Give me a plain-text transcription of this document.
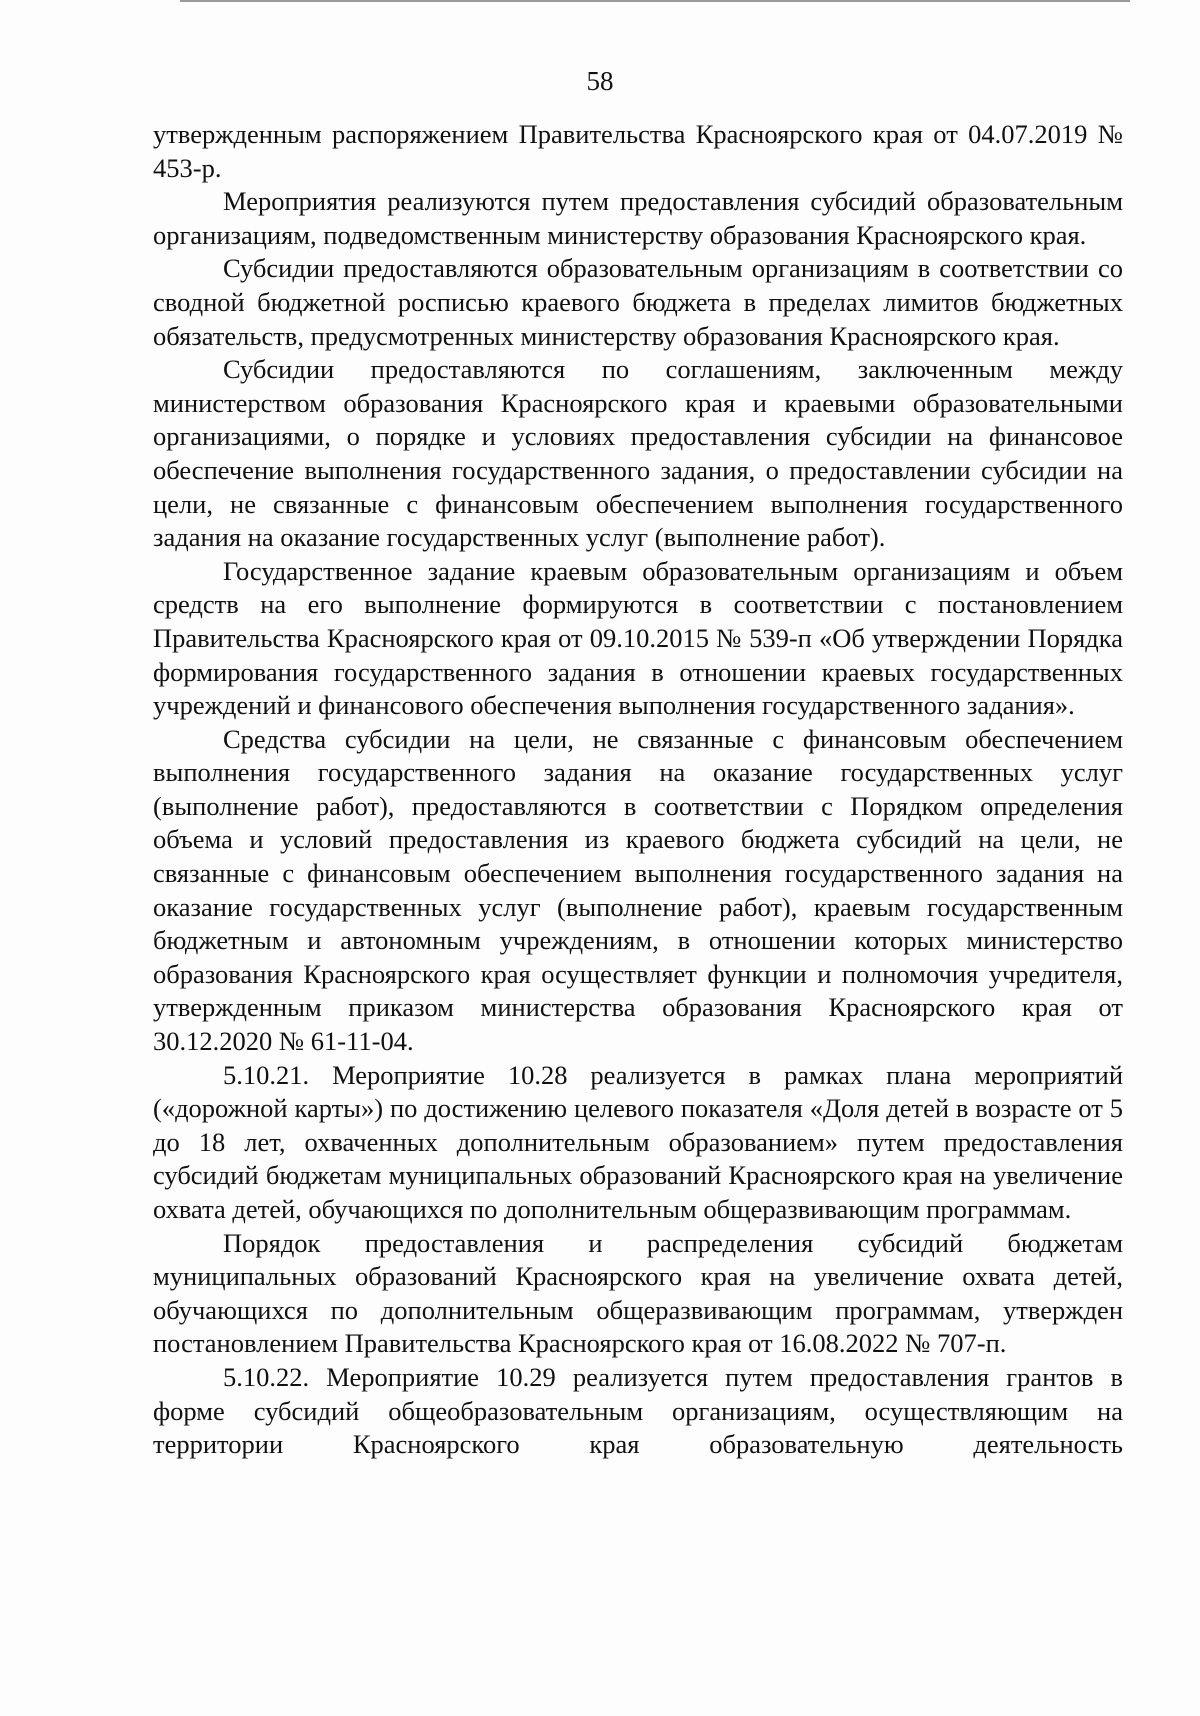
58

утвержденным распоряжением Правительства Красноярского края от 04.07.2019 № 453-р.

Мероприятия реализуются путем предоставления субсидий образовательным организациям, подведомственным министерству образования Красноярского края.

Субсидии предоставляются образовательным организациям в соответствии со сводной бюджетной росписью краевого бюджета в пределах лимитов бюджетных обязательств, предусмотренных министерству образования Красноярского края.

Субсидии предоставляются по соглашениям, заключенным между министерством образования Красноярского края и краевыми образовательными организациями, о порядке и условиях предоставления субсидии на финансовое обеспечение выполнения государственного задания, о предоставлении субсидии на цели, не связанные с финансовым обеспечением выполнения государственного задания на оказание государственных услуг (выполнение работ).

Государственное задание краевым образовательным организациям и объем средств на его выполнение формируются в соответствии с постановлением Правительства Красноярского края от 09.10.2015 № 539-п «Об утверждении Порядка формирования государственного задания в отношении краевых государственных учреждений и финансового обеспечения выполнения государственного задания».

Средства субсидии на цели, не связанные с финансовым обеспечением выполнения государственного задания на оказание государственных услуг (выполнение работ), предоставляются в соответствии с Порядком определения объема и условий предоставления из краевого бюджета субсидий на цели, не связанные с финансовым обеспечением выполнения государственного задания на оказание государственных услуг (выполнение работ), краевым государственным бюджетным и автономным учреждениям, в отношении которых министерство образования Красноярского края осуществляет функции и полномочия учредителя, утвержденным приказом министерства образования Красноярского края от 30.12.2020 № 61-11-04.

5.10.21. Мероприятие 10.28 реализуется в рамках плана мероприятий («дорожной карты») по достижению целевого показателя «Доля детей в возрасте от 5 до 18 лет, охваченных дополнительным образованием» путем предоставления субсидий бюджетам муниципальных образований Красноярского края на увеличение охвата детей, обучающихся по дополнительным общеразвивающим программам.

Порядок предоставления и распределения субсидий бюджетам муниципальных образований Красноярского края на увеличение охвата детей, обучающихся по дополнительным общеразвивающим программам, утвержден постановлением Правительства Красноярского края от 16.08.2022 № 707-п.

5.10.22. Мероприятие 10.29 реализуется путем предоставления грантов в форме субсидий общеобразовательным организациям, осуществляющим на территории Красноярского края образовательную деятельность
